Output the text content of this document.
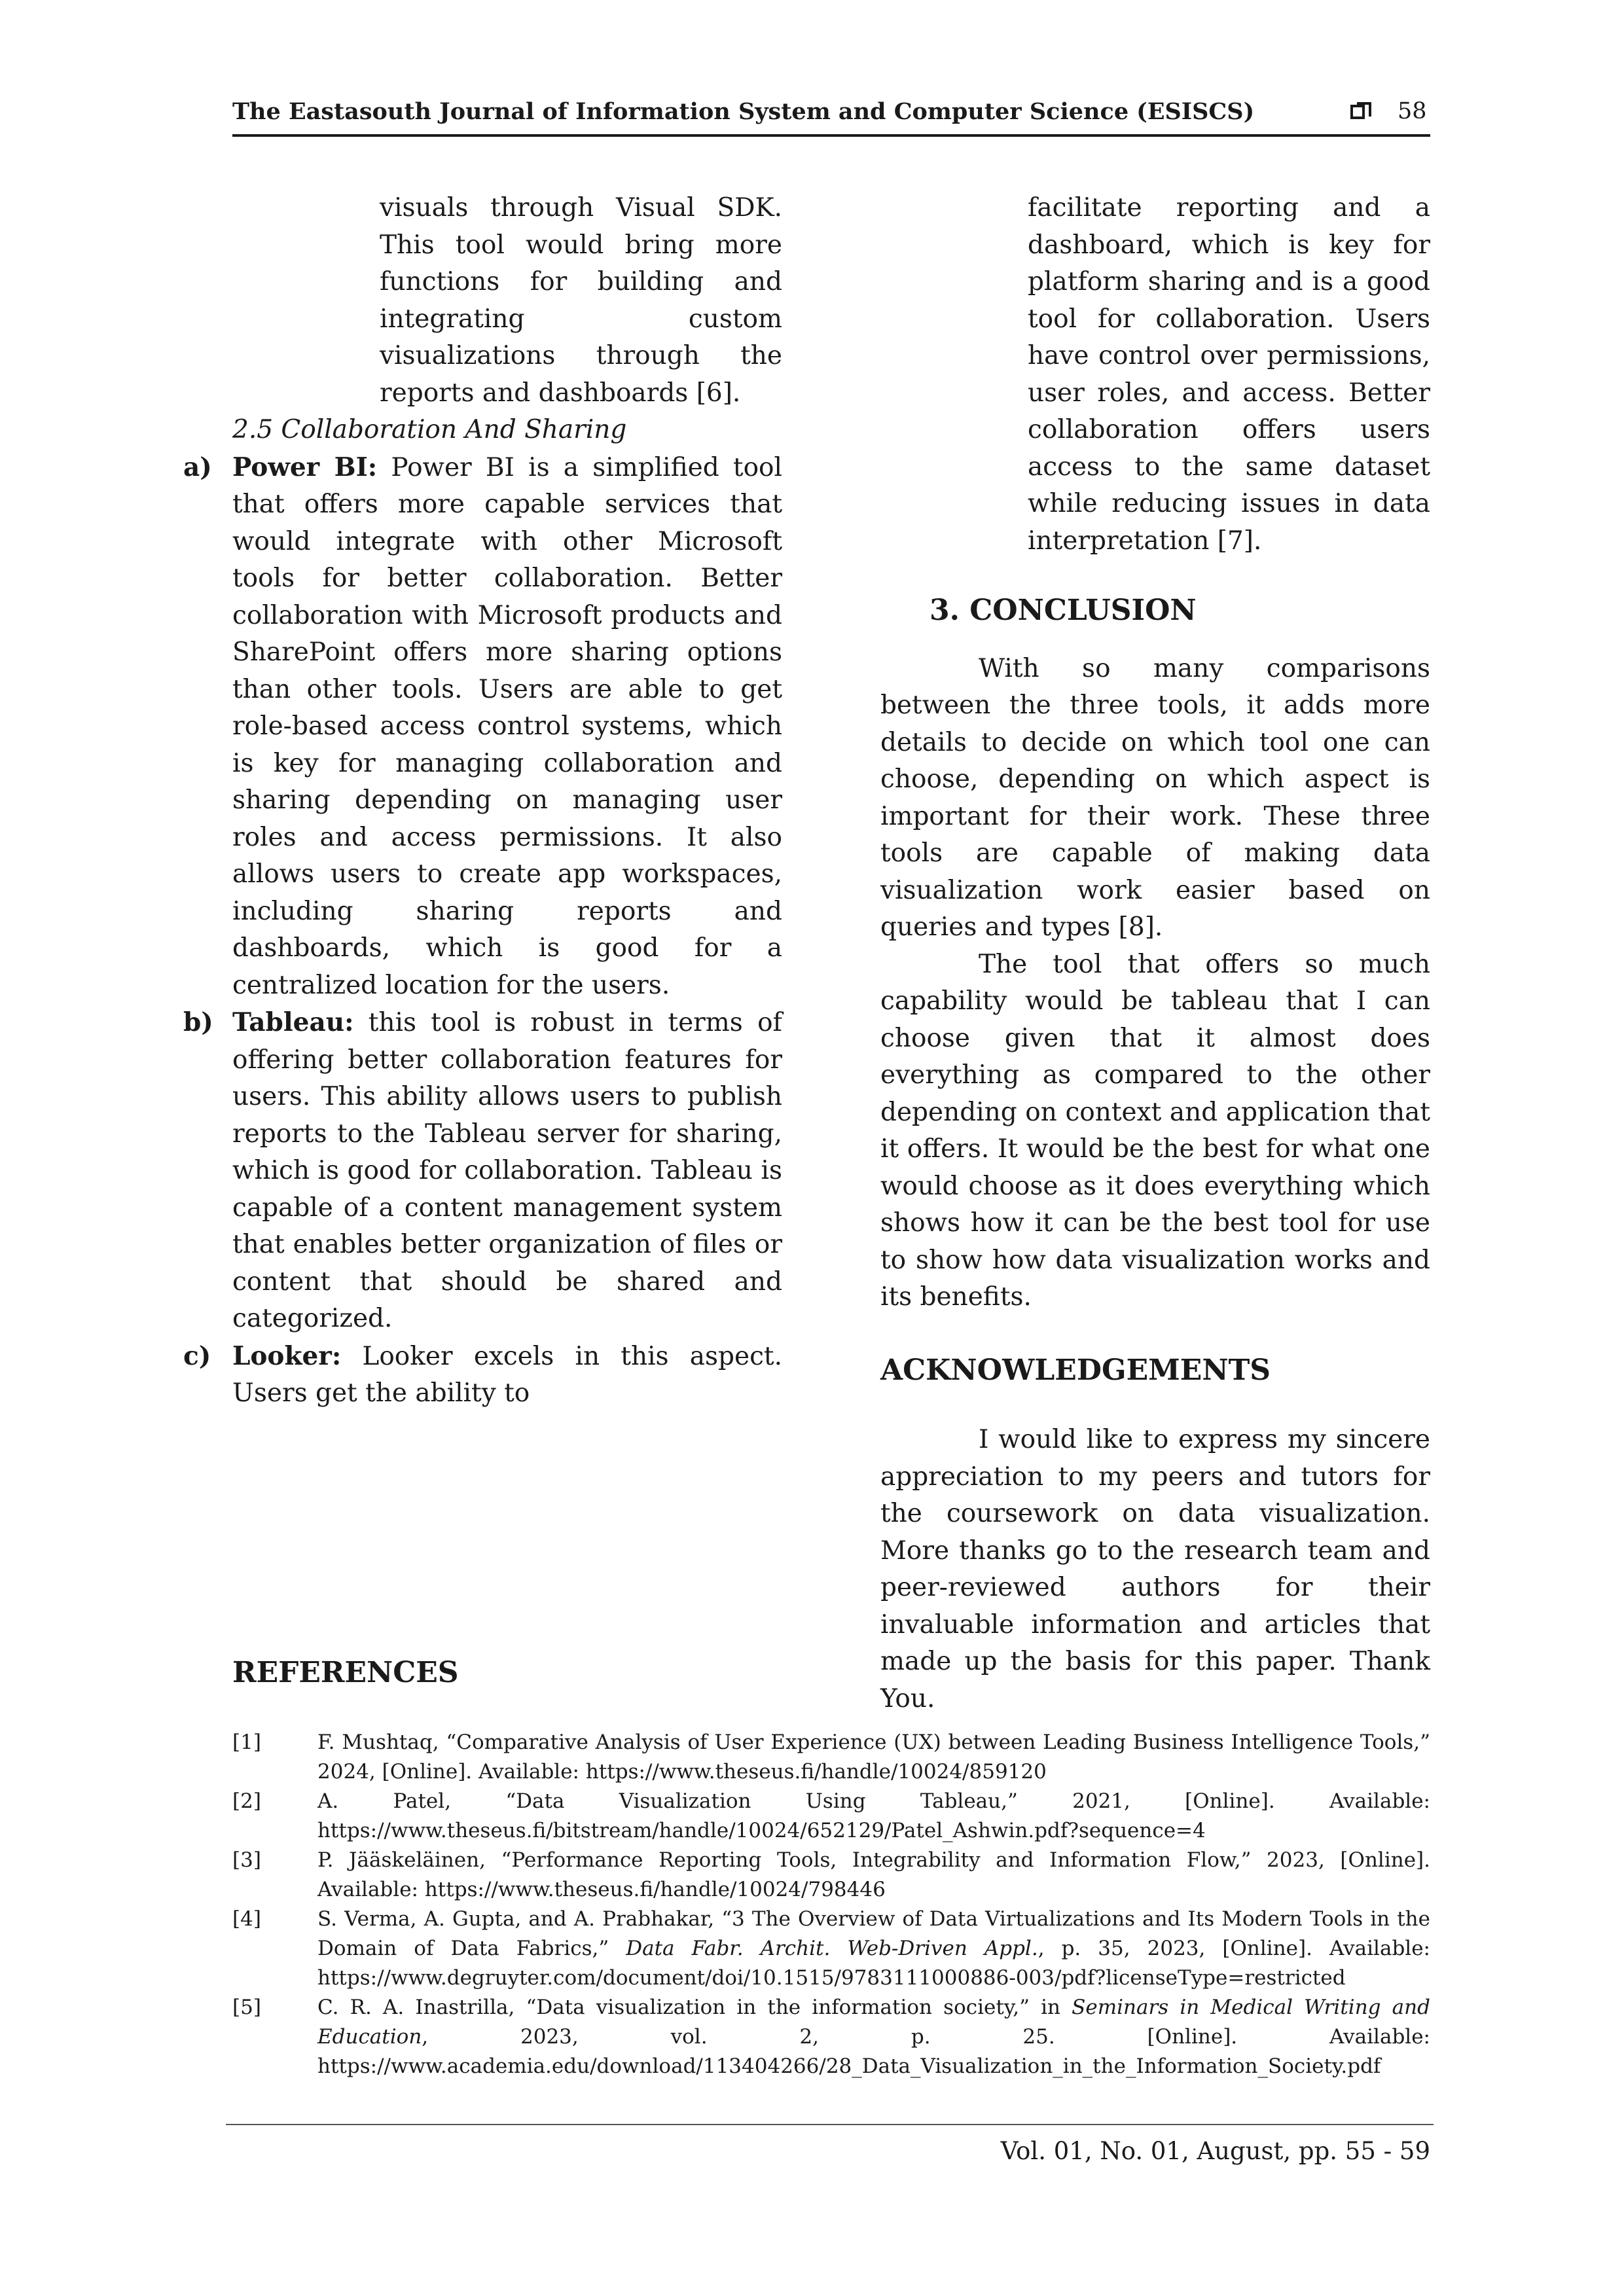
The Eastasouth Journal of Information System and Computer Science (ESISCS)	58

visuals through Visual SDK. This tool would bring more functions for building and integrating custom visualizations through the reports and dashboards [6].

2.5 Collaboration And Sharing

a) Power BI: Power BI is a simplified tool that offers more capable services that would integrate with other Microsoft tools for better collaboration. Better collaboration with Microsoft products and SharePoint offers more sharing options than other tools. Users are able to get role-based access control systems, which is key for managing collaboration and sharing depending on managing user roles and access permissions. It also allows users to create app workspaces, including sharing reports and dashboards, which is good for a centralized location for the users.

b) Tableau: this tool is robust in terms of offering better collaboration features for users. This ability allows users to publish reports to the Tableau server for sharing, which is good for collaboration. Tableau is capable of a content management system that enables better organization of files or content that should be shared and categorized.

c) Looker: Looker excels in this aspect. Users get the ability to

facilitate reporting and a dashboard, which is key for platform sharing and is a good tool for collaboration. Users have control over permissions, user roles, and access. Better collaboration offers users access to the same dataset while reducing issues in data interpretation [7].

3. CONCLUSION

With so many comparisons between the three tools, it adds more details to decide on which tool one can choose, depending on which aspect is important for their work. These three tools are capable of making data visualization work easier based on queries and types [8].

The tool that offers so much capability would be tableau that I can choose given that it almost does everything as compared to the other depending on context and application that it offers. It would be the best for what one would choose as it does everything which shows how it can be the best tool for use to show how data visualization works and its benefits.

ACKNOWLEDGEMENTS

I would like to express my sincere appreciation to my peers and tutors for the coursework on data visualization. More thanks go to the research team and peer-reviewed authors for their invaluable information and articles that made up the basis for this paper. Thank You.

REFERENCES
[1]	F. Mushtaq, “Comparative Analysis of User Experience (UX) between Leading Business Intelligence Tools,” 2024, [Online]. Available: https://www.theseus.fi/handle/10024/859120
[2]	A. Patel, “Data Visualization Using Tableau,” 2021, [Online]. Available: https://www.theseus.fi/bitstream/handle/10024/652129/Patel_Ashwin.pdf?sequence=4
[3]	P. Jääskeläinen, “Performance Reporting Tools, Integrability and Information Flow,” 2023, [Online]. Available: https://www.theseus.fi/handle/10024/798446
[4]	S. Verma, A. Gupta, and A. Prabhakar, “3 The Overview of Data Virtualizations and Its Modern Tools in the Domain of Data Fabrics,” Data Fabr. Archit. Web-Driven Appl., p. 35, 2023, [Online]. Available: https://www.degruyter.com/document/doi/10.1515/9783111000886-003/pdf?licenseType=restricted
[5]	C. R. A. Inastrilla, “Data visualization in the information society,” in Seminars in Medical Writing and Education, 2023, vol. 2, p. 25. [Online]. Available: https://www.academia.edu/download/113404266/28_Data_Visualization_in_the_Information_Society.pdf
Vol. 01, No. 01, August, pp. 55 - 59
